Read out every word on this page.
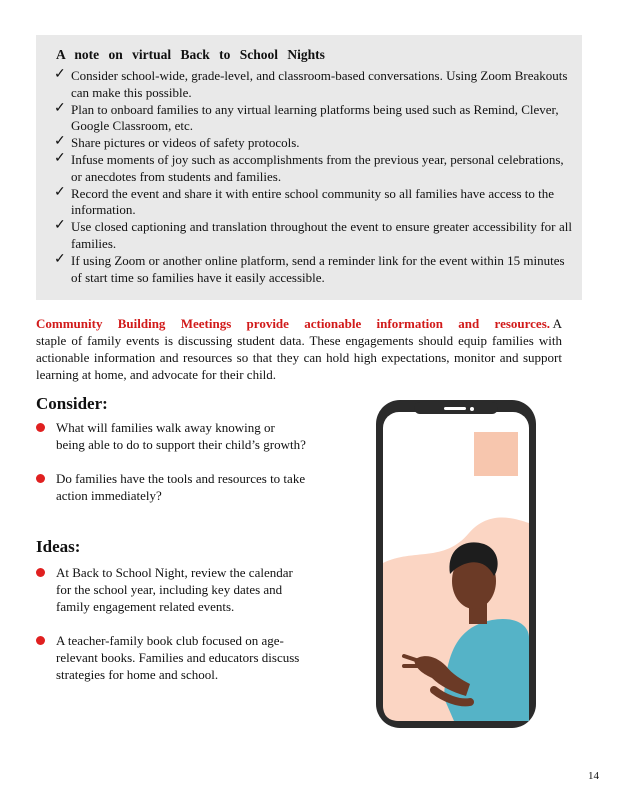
A note on virtual Back to School Nights
✓ Consider school-wide, grade-level, and classroom-based conversations. Using Zoom Breakouts can make this possible.
✓ Plan to onboard families to any virtual learning platforms being used such as Remind, Clever, Google Classroom, etc.
✓ Share pictures or videos of safety protocols.
✓ Infuse moments of joy such as accomplishments from the previous year, personal celebrations, or anecdotes from students and families.
✓ Record the event and share it with entire school community so all families have access to the information.
✓ Use closed captioning and translation throughout the event to ensure greater accessibility for all families.
✓ If using Zoom or another online platform, send a reminder link for the event within 15 minutes of start time so families have it easily accessible.

Community Building Meetings provide actionable information and resources. A staple of family events is discussing student data. These engagements should equip families with actionable information and resources so that they can hold high expectations, monitor and support learning at home, and advocate for their child.

Consider:
What will families walk away knowing or being able to do to support their child’s growth?
Do families have the tools and resources to take action immediately?
Ideas:
At Back to School Night, review the calendar for the school year, including key dates and family engagement related events.
A teacher-family book club focused on age-relevant books. Families and educators discuss strategies for home and school.
14
